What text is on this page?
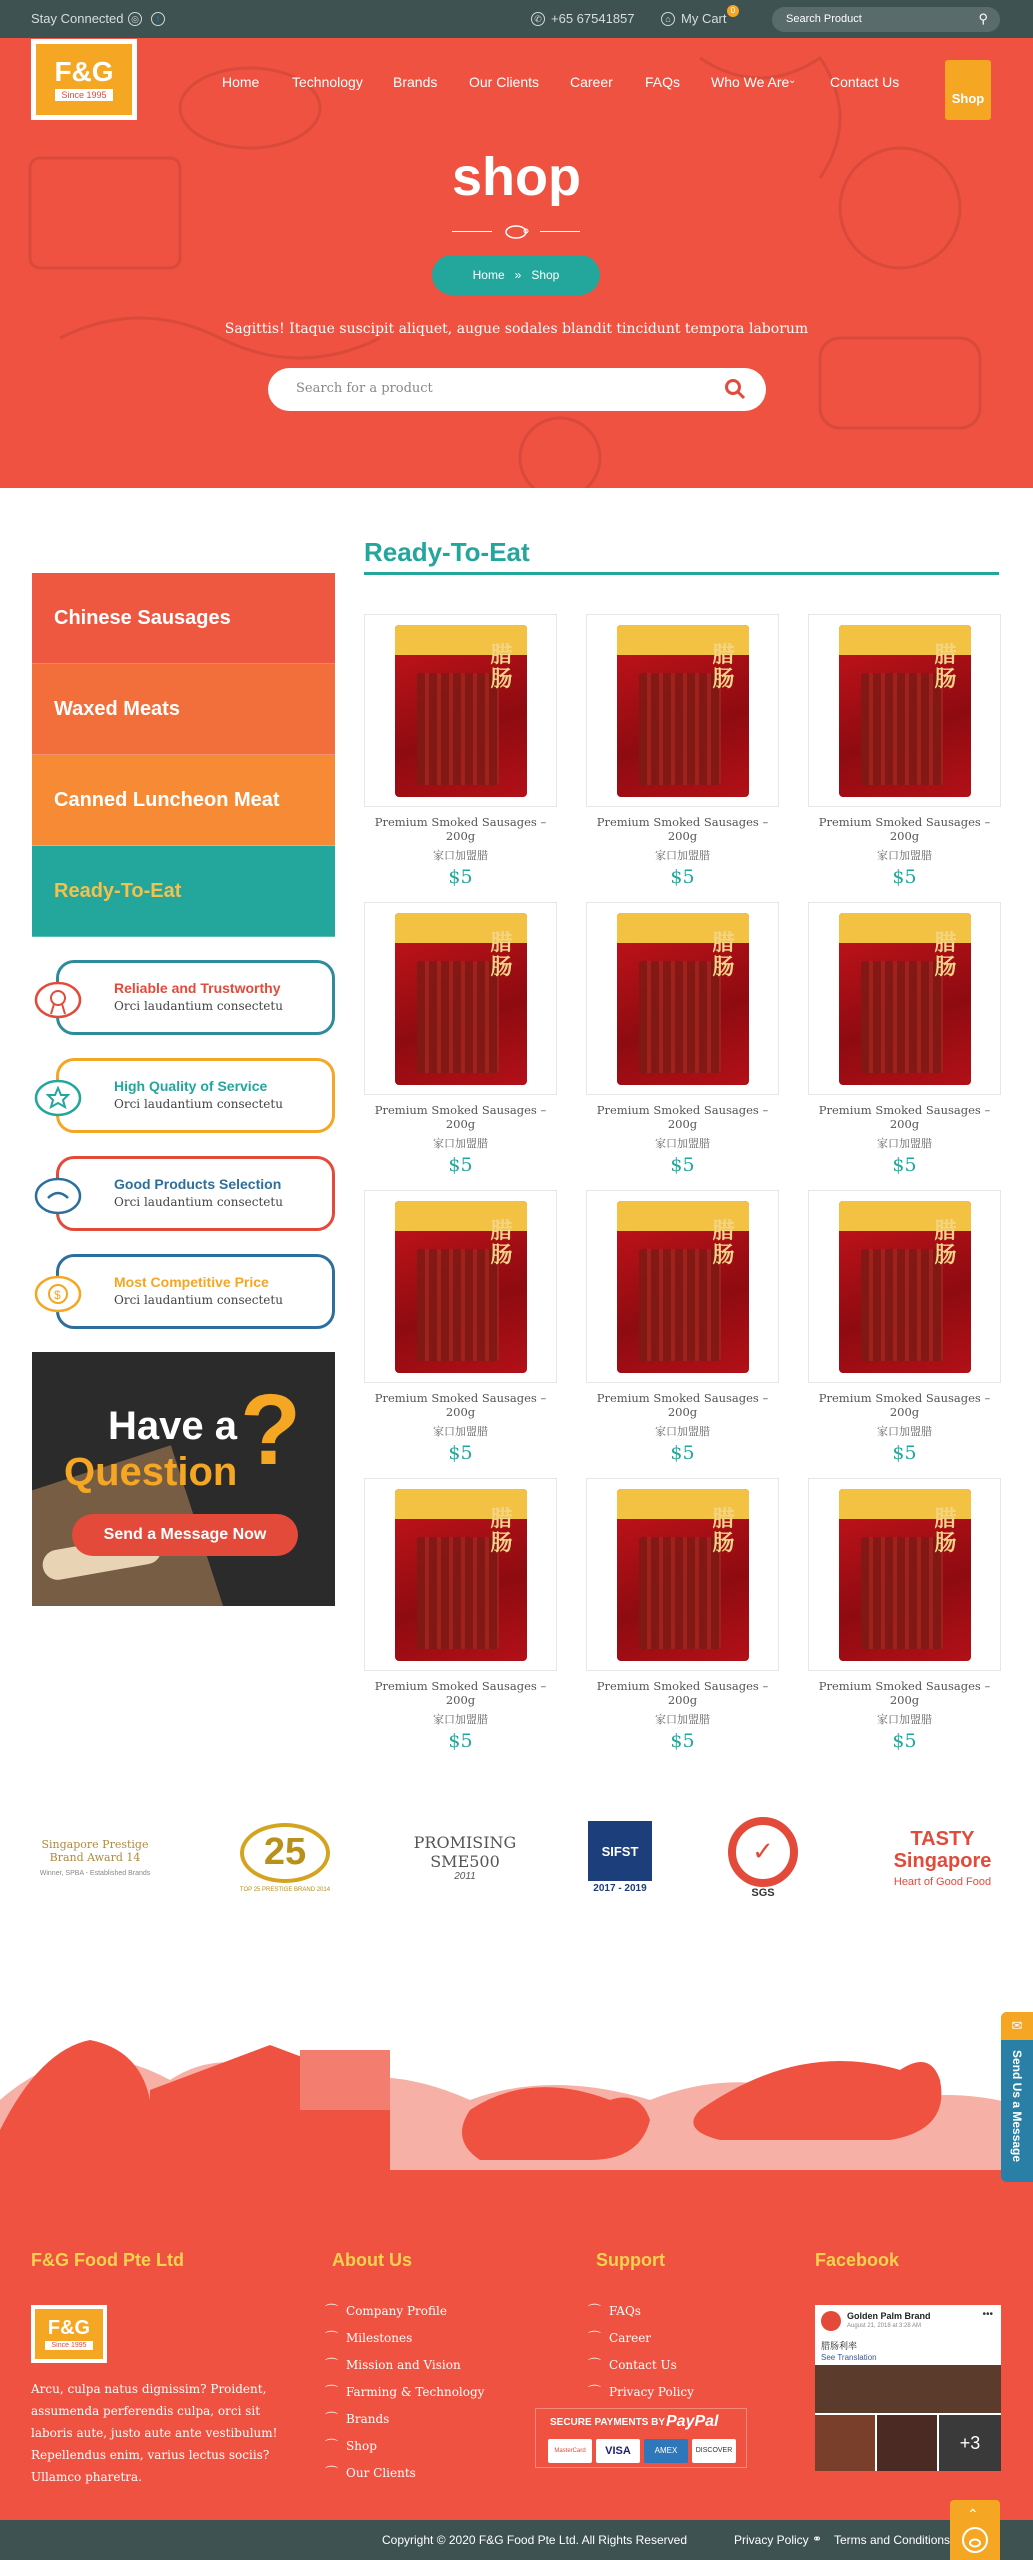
Stay Connected ◎	f	✆ +65 67541857	⌂ My Cart
0
Search Product	⚲
F&G
Since 1995
Home Technology Brands Our Clients Career FAQs Who We Are
⌄ Contact Us
Shop
shop
Home » Shop
Sagittis! Itaque suscipit aliquet, augue sodales blandit tincidunt tempora laborum
Search for a product
Chinese Sausages
Waxed Meats
Canned Luncheon Meat
Ready-To-Eat
Reliable and Trustworthy
Orci laudantium consectetu
High Quality of Service
Orci laudantium consectetu
Good Products Selection
Orci laudantium consectetu
$
Most Competitive Price
Orci laudantium consectetu
Have a
Question ?
Send a Message Now
Ready-To-Eat
腊肠
Premium Smoked Sausages – 200g
家口加盟腊
$5
腊肠
Premium Smoked Sausages – 200g
家口加盟腊
$5
腊肠
Premium Smoked Sausages – 200g
家口加盟腊
$5
腊肠
Premium Smoked Sausages – 200g
家口加盟腊
$5
腊肠
Premium Smoked Sausages – 200g
家口加盟腊
$5
腊肠
Premium Smoked Sausages – 200g
家口加盟腊
$5
腊肠
Premium Smoked Sausages – 200g
家口加盟腊
$5
腊肠
Premium Smoked Sausages – 200g
家口加盟腊
$5
腊肠
Premium Smoked Sausages – 200g
家口加盟腊
$5
腊肠
Premium Smoked Sausages – 200g
家口加盟腊
$5
腊肠
Premium Smoked Sausages – 200g
家口加盟腊
$5
腊肠
Premium Smoked Sausages – 200g
家口加盟腊
$5
Singapore Prestige Brand Award 14
Winner, SPBA - Established Brands
25
TOP 25 PRESTIGE BRAND 2014
PROMISING SME500
2011
SIFST
2017 - 2019
✓
SGS
TASTY Singapore
Heart of Good Food
✉
Send Us a Message
F&G Food Pte Ltd
F&G
Since 1995
Arcu, culpa natus dignissim? Proident, assumenda perferendis culpa, orci sit laboris aute, justo aute ante vestibulum! Repellendus enim, varius lectus sociis? Ullamco pharetra.
About Us	Support
SECURE PAYMENTS BY PayPal
MasterCard	VISA	AMEX	DISCOVER
Facebook
Golden Palm Brand
August 21, 2018 at 3:28 AM
•••
腊肠利率
See Translation
+3
⌒ Company Profile
⌒ Milestones
⌒ Mission and Vision
⌒ Farming & Technology
⌒ Brands
⌒ Shop
⌒ Our Clients
⌒ FAQs
⌒ Career
⌒ Contact Us
⌒ Privacy Policy
Copyright © 2020 F&G Food Pte Ltd. All Rights Reserved	Privacy Policy ⚭ Terms and Conditions
⌃
